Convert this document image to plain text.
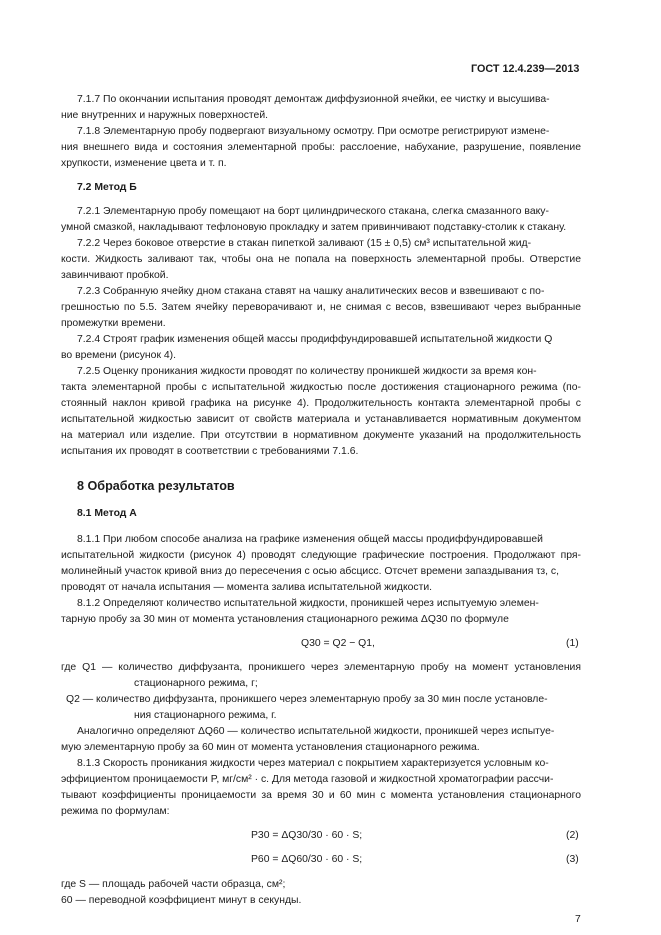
ГОСТ 12.4.239—2013
7.1.7 По окончании испытания проводят демонтаж диффузионной ячейки, ее чистку и высушива-
ние внутренних и наружных поверхностей.
7.1.8 Элементарную пробу подвергают визуальному осмотру. При осмотре регистрируют измене-
ния внешнего вида и состояния элементарной пробы: расслоение, набухание, разрушение, появление
хрупкости, изменение цвета и т. п.
7.2 Метод Б
7.2.1 Элементарную пробу помещают на борт цилиндрического стакана, слегка смазанного ваку-
умной смазкой, накладывают тефлоновую прокладку и затем привинчивают подставку-столик к стакану.
7.2.2 Через боковое отверстие в стакан пипеткой заливают (15 ± 0,5) см³ испытательной жид-
кости. Жидкость заливают так, чтобы она не попала на поверхность элементарной пробы. Отверстие
завинчивают пробкой.
7.2.3 Собранную ячейку дном стакана ставят на чашку аналитических весов и взвешивают с по-
грешностью по 5.5. Затем ячейку переворачивают и, не снимая с весов, взвешивают через выбранные
промежутки времени.
7.2.4 Строят график изменения общей массы продиффундировавшей испытательной жидкости Q
во времени (рисунок 4).
7.2.5 Оценку проникания жидкости проводят по количеству проникшей жидкости за время кон-
такта элементарной пробы с испытательной жидкостью после достижения стационарного режима (по-
стоянный наклон кривой графика на рисунке 4). Продолжительность контакта элементарной пробы с
испытательной жидкостью зависит от свойств материала и устанавливается нормативным документом
на материал или изделие. При отсутствии в нормативном документе указаний на продолжительность
испытания их проводят в соответствии с требованиями 7.1.6.
8 Обработка результатов
8.1 Метод А
8.1.1 При любом способе анализа на графике изменения общей массы продиффундировавшей
испытательной жидкости (рисунок 4) проводят следующие графические построения. Продолжают пря-
молинейный участок кривой вниз до пересечения с осью абсцисс. Отсчет времени запаздывания τз, с,
проводят от начала испытания — момента залива испытательной жидкости.
8.1.2 Определяют количество испытательной жидкости, проникшей через испытуемую элемен-
тарную пробу за 30 мин от момента установления стационарного режима ΔQ30 по формуле
Q30 = Q2 − Q1,	(1)
где Q1 — количество диффузанта, проникшего через элементарную пробу на момент установления
стационарного режима, г;
Q2 — количество диффузанта, проникшего через элементарную пробу за 30 мин после установле-
ния стационарного режима, г.
Аналогично определяют ΔQ60 — количество испытательной жидкости, проникшей через испытуе-
мую элементарную пробу за 60 мин от момента установления стационарного режима.
8.1.3 Скорость проникания жидкости через материал с покрытием характеризуется условным ко-
эффициентом проницаемости P, мг/см² · с. Для метода газовой и жидкостной хроматографии рассчи-
тывают коэффициенты проницаемости за время 30 и 60 мин с момента установления стационарного
режима по формулам:
P30 = ΔQ30/30 · 60 · S;	(2)
P60 = ΔQ60/30 · 60 · S;	(3)
где S — площадь рабочей части образца, см²;
60 — переводной коэффициент минут в секунды.
7
